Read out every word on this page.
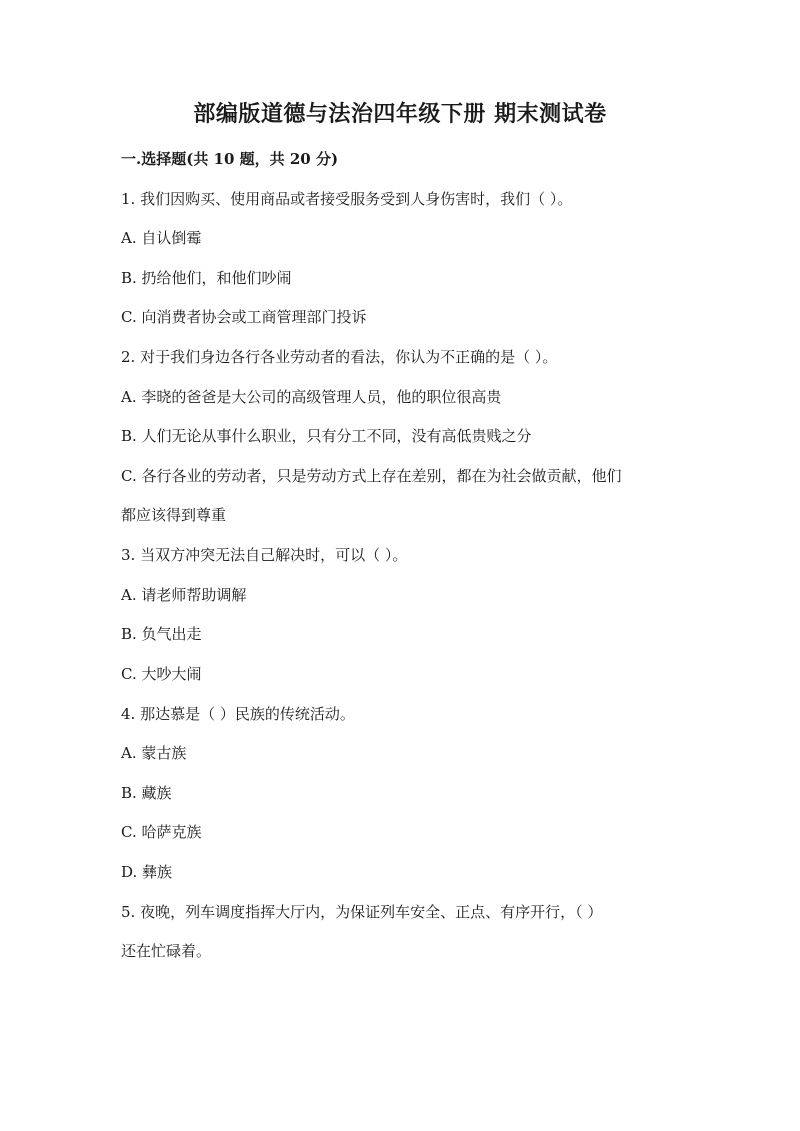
部编版道德与法治四年级下册 期末测试卷
一.选择题(共 10 题，共 20 分)
1. 我们因购买、使用商品或者接受服务受到人身伤害时，我们（ ）。
A. 自认倒霉
B. 扔给他们，和他们吵闹
C. 向消费者协会或工商管理部门投诉
2. 对于我们身边各行各业劳动者的看法，你认为不正确的是（ ）。
A. 李晓的爸爸是大公司的高级管理人员，他的职位很高贵
B. 人们无论从事什么职业，只有分工不同，没有高低贵贱之分
C. 各行各业的劳动者，只是劳动方式上存在差别，都在为社会做贡献，他们
都应该得到尊重
3. 当双方冲突无法自己解决时，可以（ ）。
A. 请老师帮助调解
B. 负气出走
C. 大吵大闹
4. 那达慕是（ ）民族的传统活动。
A. 蒙古族
B. 藏族
C. 哈萨克族
D. 彝族
5. 夜晚，列车调度指挥大厅内，为保证列车安全、正点、有序开行，（ ）
还在忙碌着。
